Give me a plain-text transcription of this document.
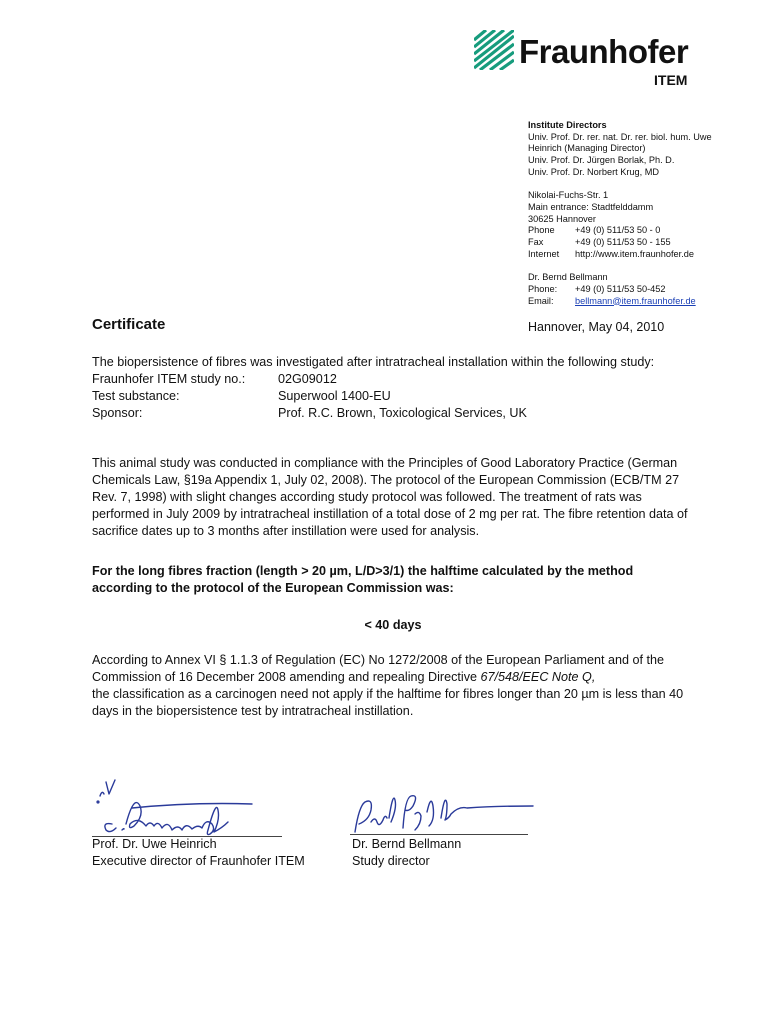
Fraunhofer
ITEM
Institute Directors
Univ. Prof. Dr. rer. nat. Dr. rer. biol. hum. Uwe
Heinrich (Managing Director)
Univ. Prof. Dr. Jürgen Borlak, Ph. D.
Univ. Prof. Dr. Norbert Krug, MD
Nikolai-Fuchs-Str. 1
Main entrance: Stadtfelddamm
30625 Hannover
Phone	+49 (0) 511/53 50 - 0
Fax	+49 (0) 511/53 50 - 155
Internet	http://www.item.fraunhofer.de
Dr. Bernd Bellmann
Phone:	+49 (0) 511/53 50-452
Email:	bellmann@item.fraunhofer.de
Certificate	Hannover, May 04, 2010
The biopersistence of fibres was investigated after intratracheal installation within the following study:
Fraunhofer ITEM study no.:	02G09012
Test substance:	Superwool 1400-EU
Sponsor:	Prof. R.C. Brown, Toxicological Services, UK
This animal study was conducted in compliance with the Principles of Good Laboratory Practice (German Chemicals Law, §19a Appendix 1, July 02, 2008). The protocol of the European Commission (ECB/TM 27 Rev. 7, 1998) with slight changes according study protocol was followed. The treatment of rats was performed in July 2009 by intratracheal instillation of a total dose of 2 mg per rat. The fibre retention data of sacrifice dates up to 3 months after instillation were used for analysis.
For the long fibres fraction (length > 20 µm, L/D>3/1) the halftime calculated by the method according to the protocol of the European Commission was:
< 40 days
According to Annex VI § 1.1.3 of Regulation (EC) No 1272/2008 of the European Parliament and of the Commission of 16 December 2008 amending and repealing Directive 67/548/EEC Note Q,
the classification as a carcinogen need not apply if the halftime for fibres longer than 20 µm is less than 40 days in the biopersistence test by intratracheal instillation.
Prof. Dr. Uwe Heinrich
Executive director of Fraunhofer ITEM
Dr. Bernd Bellmann
Study director
